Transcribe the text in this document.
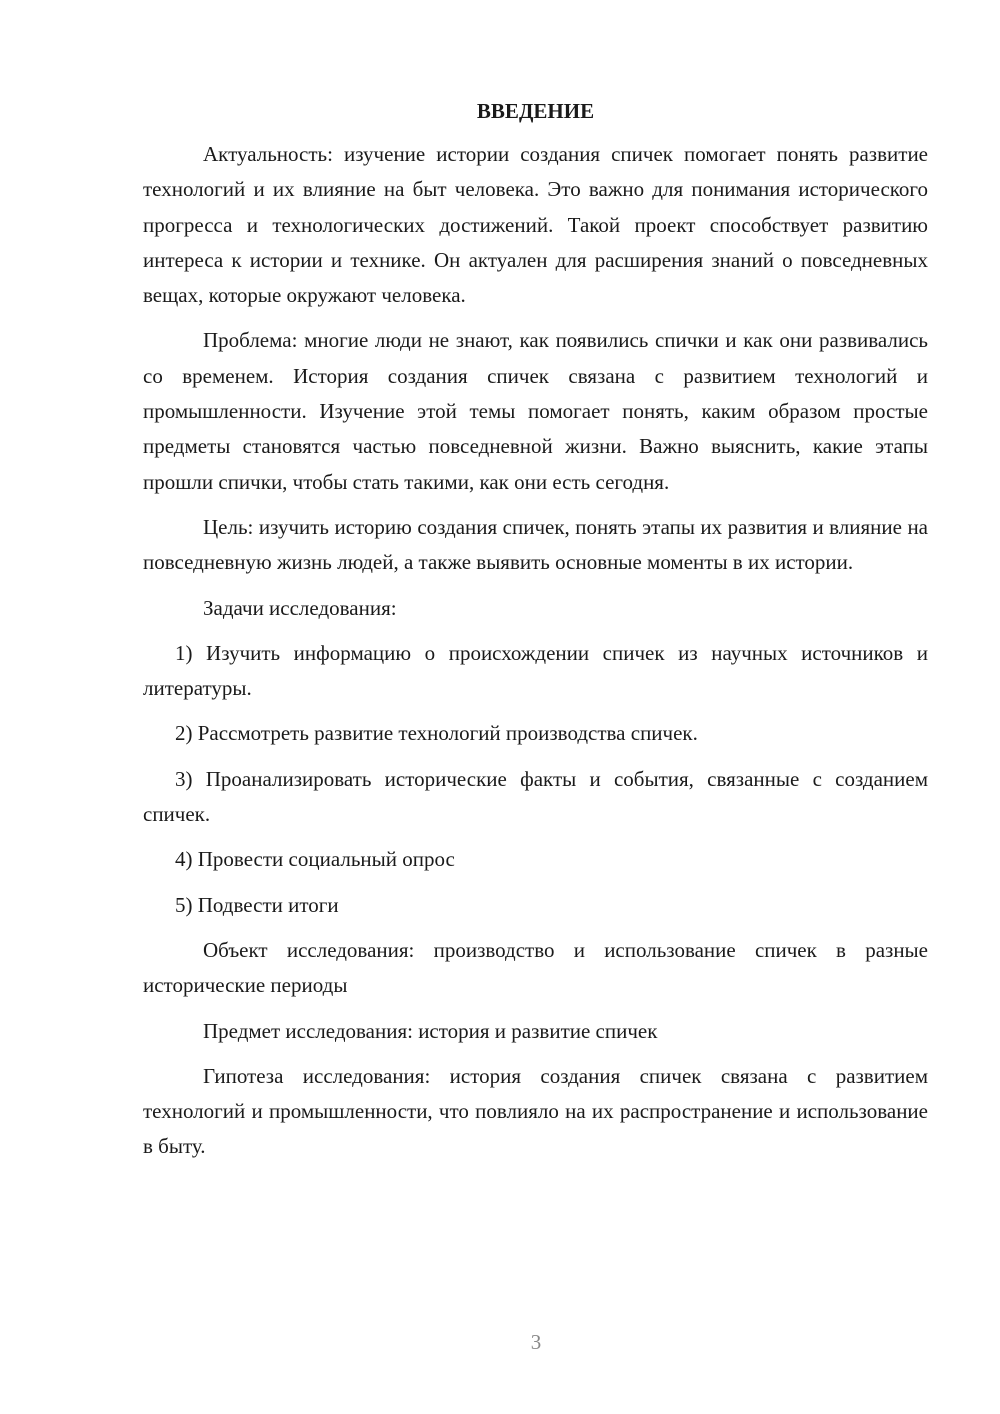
ВВЕДЕНИЕ

Актуальность: изучение истории создания спичек помогает понять развитие технологий и их влияние на быт человека. Это важно для понимания исторического прогресса и технологических достижений. Такой проект способствует развитию интереса к истории и технике. Он актуален для расширения знаний о повседневных вещах, которые окружают человека.

Проблема: многие люди не знают, как появились спички и как они развивались со временем. История создания спичек связана с развитием технологий и промышленности. Изучение этой темы помогает понять, каким образом простые предметы становятся частью повседневной жизни. Важно выяснить, какие этапы прошли спички, чтобы стать такими, как они есть сегодня.

Цель: изучить историю создания спичек, понять этапы их развития и влияние на повседневную жизнь людей, а также выявить основные моменты в их истории.

Задачи исследования:

1) Изучить информацию о происхождении спичек из научных источников и литературы.

2) Рассмотреть развитие технологий производства спичек.

3) Проанализировать исторические факты и события, связанные с созданием спичек.

4) Провести социальный опрос

5) Подвести итоги

Объект исследования: производство и использование спичек в разные исторические периоды

Предмет исследования: история и развитие спичек

Гипотеза исследования: история создания спичек связана с развитием технологий и промышленности, что повлияло на их распространение и использование в быту.

3
